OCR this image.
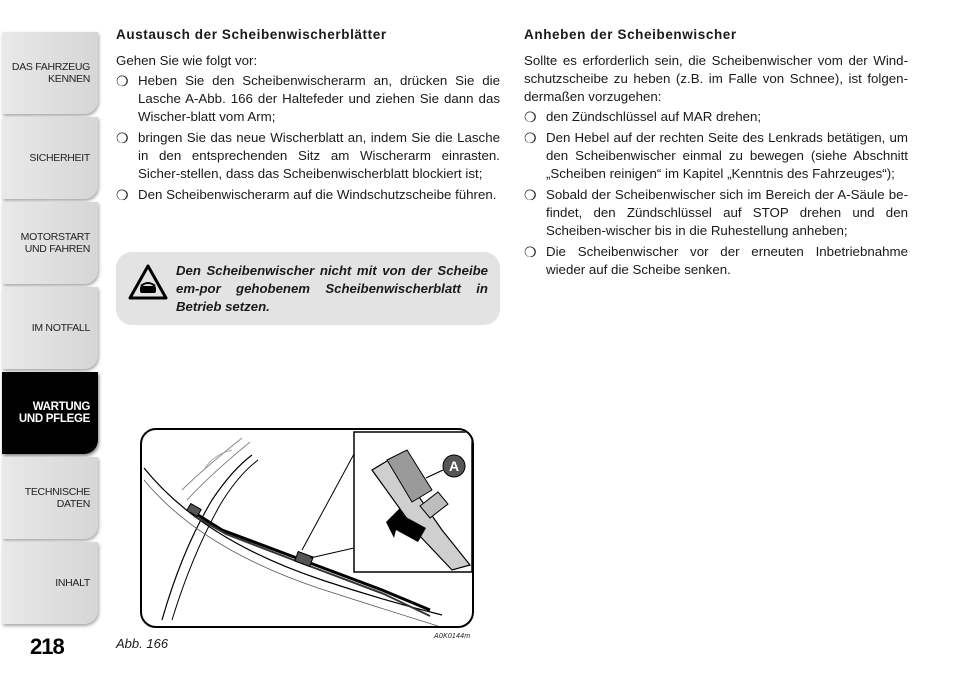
DAS FAHRZEUG
KENNEN
SICHERHEIT
MOTORSTART
UND FAHREN
IM NOTFALL
WARTUNG
UND PFLEGE
TECHNISCHE
DATEN
INHALT
218
Austausch der Scheibenwischerblätter
Gehen Sie wie folgt vor:
❍ Heben Sie den Scheibenwischerarm an, drücken Sie die Lasche A-Abb. 166 der Haltefeder und ziehen Sie dann das Wischer-blatt vom Arm;
❍ bringen Sie das neue Wischerblatt an, indem Sie die Lasche in den entsprechenden Sitz am Wischerarm einrasten. Sicher-stellen, dass das Scheibenwischerblatt blockiert ist;
❍ Den Scheibenwischerarm auf die Windschutzscheibe führen.
Den Scheibenwischer nicht mit von der Scheibe em-por gehobenem Scheibenwischerblatt in Betrieb setzen.
Anheben der Scheibenwischer
Sollte es erforderlich sein, die Scheibenwischer vom der Wind-schutzscheibe zu heben (z.B. im Falle von Schnee), ist folgen-dermaßen vorzugehen:
❍ den Zündschlüssel auf MAR drehen;
❍ Den Hebel auf der rechten Seite des Lenkrads betätigen, um den Scheibenwischer einmal zu bewegen (siehe Abschnitt „Scheiben reinigen“ im Kapitel „Kenntnis des Fahrzeuges“);
❍ Sobald der Scheibenwischer sich im Bereich der A-Säule be-findet, den Zündschlüssel auf STOP drehen und den Scheiben-wischer bis in die Ruhestellung anheben;
❍ Die Scheibenwischer vor der erneuten Inbetriebnahme wieder auf die Scheibe senken.
A
Abb. 166	A0K0144m
